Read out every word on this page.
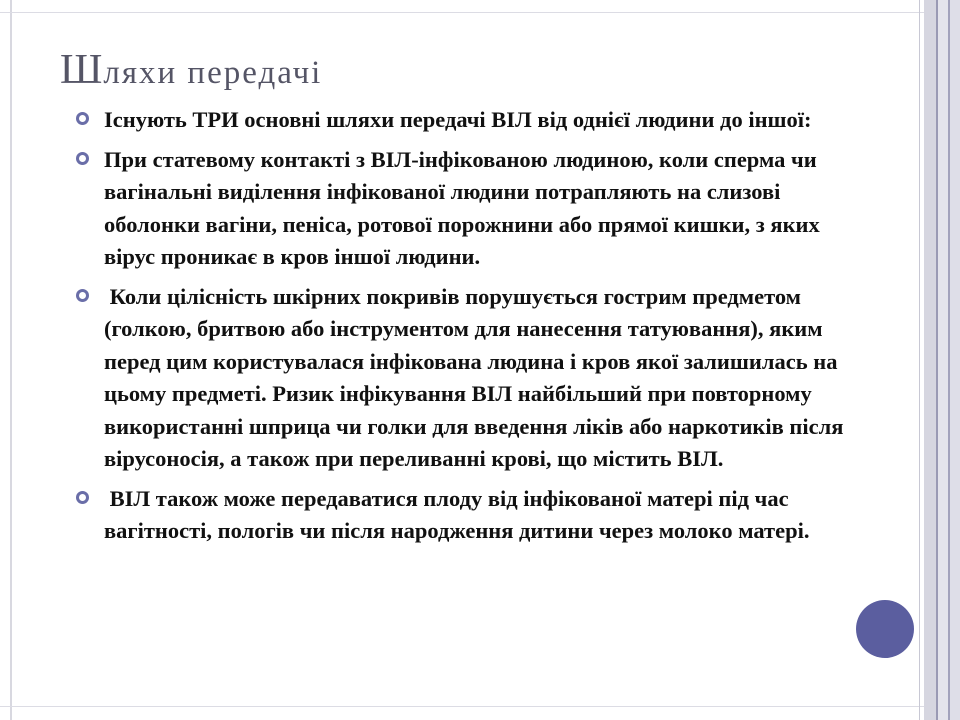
Шляхи передачі
Існують ТРИ основні шляхи передачі ВІЛ від однієї людини до іншої:
При статевому контакті з ВІЛ-інфікованою людиною, коли сперма чи вагінальні виділення інфікованої людини потрапляють на слизові оболонки вагіни, пеніса, ротової порожнини або прямої кишки, з яких вірус проникає в кров іншої людини.
Коли цілісність шкірних покривів порушується гострим предметом (голкою, бритвою або інструментом для нанесення татуювання), яким перед цим користувалася інфікована людина і кров якої залишилась на цьому предметі. Ризик інфікування ВІЛ найбільший при повторному використанні шприца чи голки для введення ліків або наркотиків після вірусоносія, а також при переливанні крові, що містить ВІЛ.
ВІЛ також може передаватися плоду від інфікованої матері під час вагітності, пологів чи після народження дитини через молоко матері.
